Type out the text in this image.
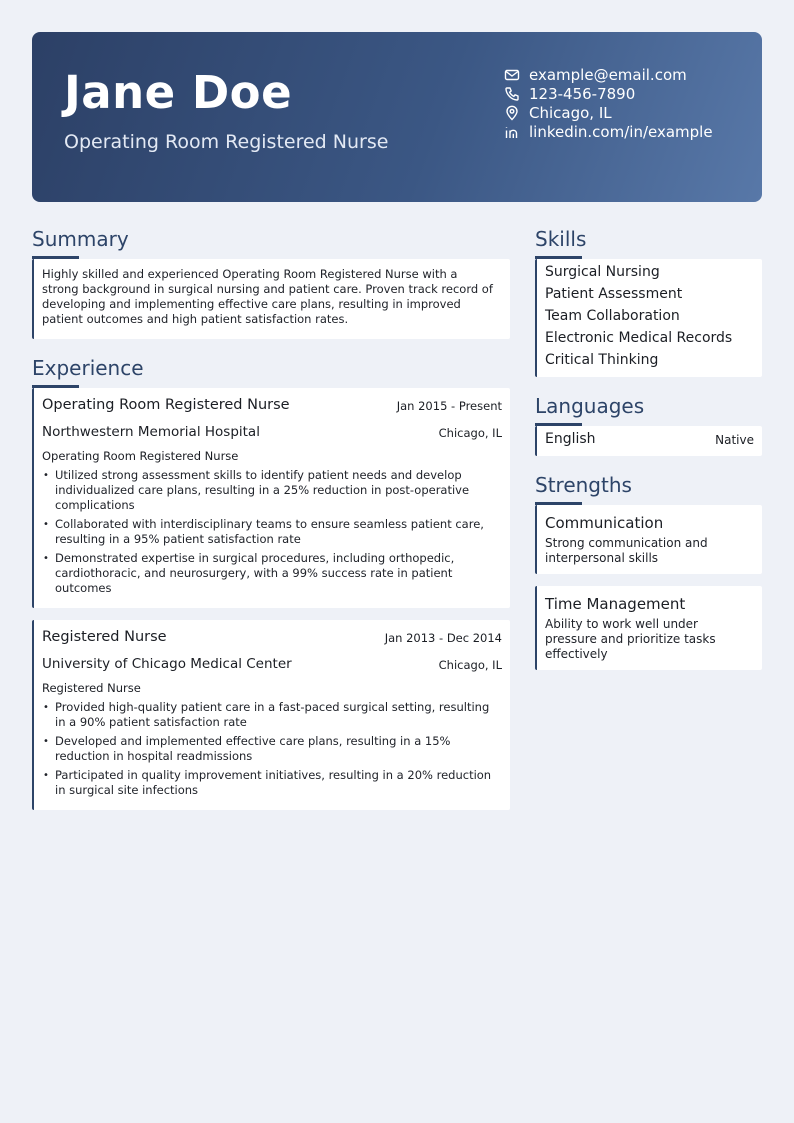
Jane Doe
Operating Room Registered Nurse
example@email.com
123-456-7890
Chicago, IL
linkedin.com/in/example
Summary
Highly skilled and experienced Operating Room Registered Nurse with a strong background in surgical nursing and patient care. Proven track record of developing and implementing effective care plans, resulting in improved patient outcomes and high patient satisfaction rates.
Experience
Operating Room Registered Nurse	Jan 2015 - Present
Northwestern Memorial Hospital	Chicago, IL
Operating Room Registered Nurse
• Utilized strong assessment skills to identify patient needs and develop individualized care plans, resulting in a 25% reduction in post-operative complications
• Collaborated with interdisciplinary teams to ensure seamless patient care, resulting in a 95% patient satisfaction rate
• Demonstrated expertise in surgical procedures, including orthopedic, cardiothoracic, and neurosurgery, with a 99% success rate in patient outcomes
Registered Nurse	Jan 2013 - Dec 2014
University of Chicago Medical Center	Chicago, IL
Registered Nurse
• Provided high-quality patient care in a fast-paced surgical setting, resulting in a 90% patient satisfaction rate
• Developed and implemented effective care plans, resulting in a 15% reduction in hospital readmissions
• Participated in quality improvement initiatives, resulting in a 20% reduction in surgical site infections
Skills
Surgical Nursing
Patient Assessment
Team Collaboration
Electronic Medical Records
Critical Thinking
Languages
English	Native
Strengths
Communication
Strong communication and interpersonal skills
Time Management
Ability to work well under pressure and prioritize tasks effectively
